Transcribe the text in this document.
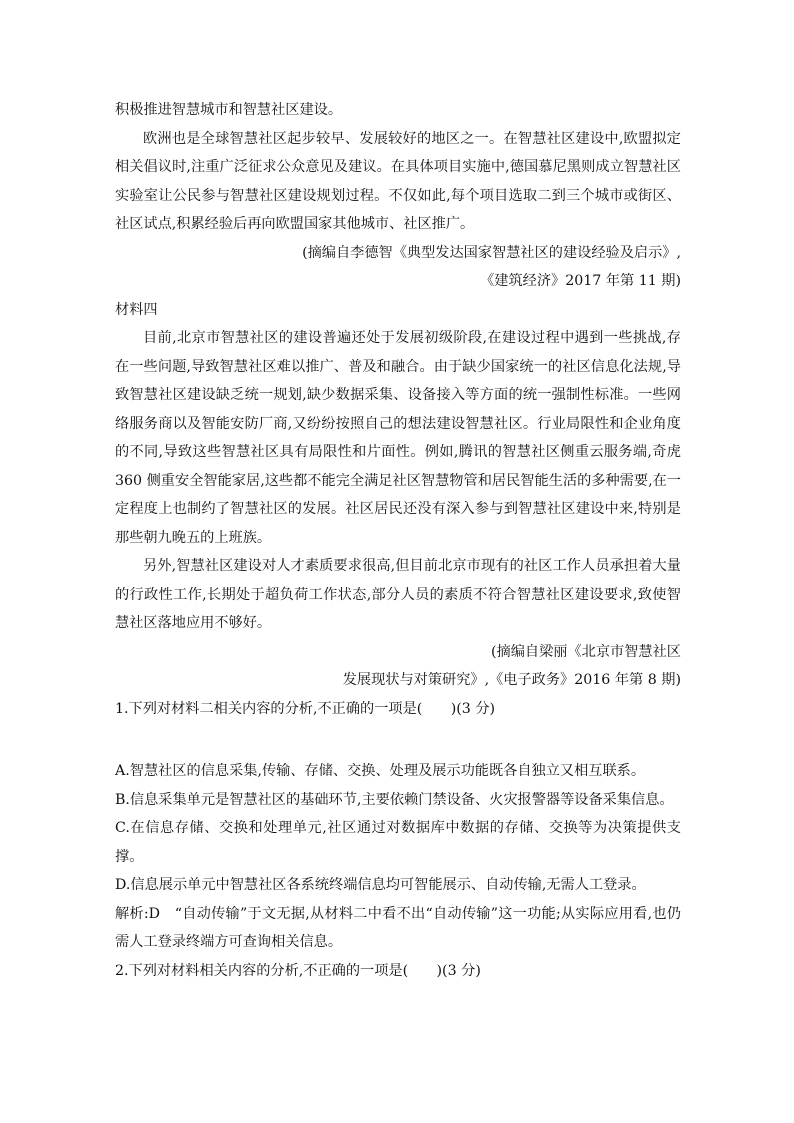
积极推进智慧城市和智慧社区建设。

欧洲也是全球智慧社区起步较早、发展较好的地区之一。在智慧社区建设中,欧盟拟定相关倡议时,注重广泛征求公众意见及建议。在具体项目实施中,德国慕尼黑则成立智慧社区实验室让公民参与智慧社区建设规划过程。不仅如此,每个项目选取二到三个城市或街区、社区试点,积累经验后再向欧盟国家其他城市、社区推广。

(摘编自李德智《典型发达国家智慧社区的建设经验及启示》,

《建筑经济》2017 年第 11 期)

材料四

目前,北京市智慧社区的建设普遍还处于发展初级阶段,在建设过程中遇到一些挑战,存在一些问题,导致智慧社区难以推广、普及和融合。由于缺少国家统一的社区信息化法规,导致智慧社区建设缺乏统一规划,缺少数据采集、设备接入等方面的统一强制性标准。一些网络服务商以及智能安防厂商,又纷纷按照自己的想法建设智慧社区。行业局限性和企业角度的不同,导致这些智慧社区具有局限性和片面性。例如,腾讯的智慧社区侧重云服务端,奇虎 360 侧重安全智能家居,这些都不能完全满足社区智慧物管和居民智能生活的多种需要,在一定程度上也制约了智慧社区的发展。社区居民还没有深入参与到智慧社区建设中来,特别是那些朝九晚五的上班族。

另外,智慧社区建设对人才素质要求很高,但目前北京市现有的社区工作人员承担着大量的行政性工作,长期处于超负荷工作状态,部分人员的素质不符合智慧社区建设要求,致使智慧社区落地应用不够好。

(摘编自梁丽《北京市智慧社区

发展现状与对策研究》,《电子政务》2016 年第 8 期)

1.下列对材料二相关内容的分析,不正确的一项是(　　)(3 分)

A.智慧社区的信息采集,传输、存储、交换、处理及展示功能既各自独立又相互联系。

B.信息采集单元是智慧社区的基础环节,主要依赖门禁设备、火灾报警器等设备采集信息。

C.在信息存储、交换和处理单元,社区通过对数据库中数据的存储、交换等为决策提供支撑。

D.信息展示单元中智慧社区各系统终端信息均可智能展示、自动传输,无需人工登录。

解析:D　“自动传输”于文无据,从材料二中看不出“自动传输”这一功能;从实际应用看,也仍需人工登录终端方可查询相关信息。

2.下列对材料相关内容的分析,不正确的一项是(　　)(3 分)
